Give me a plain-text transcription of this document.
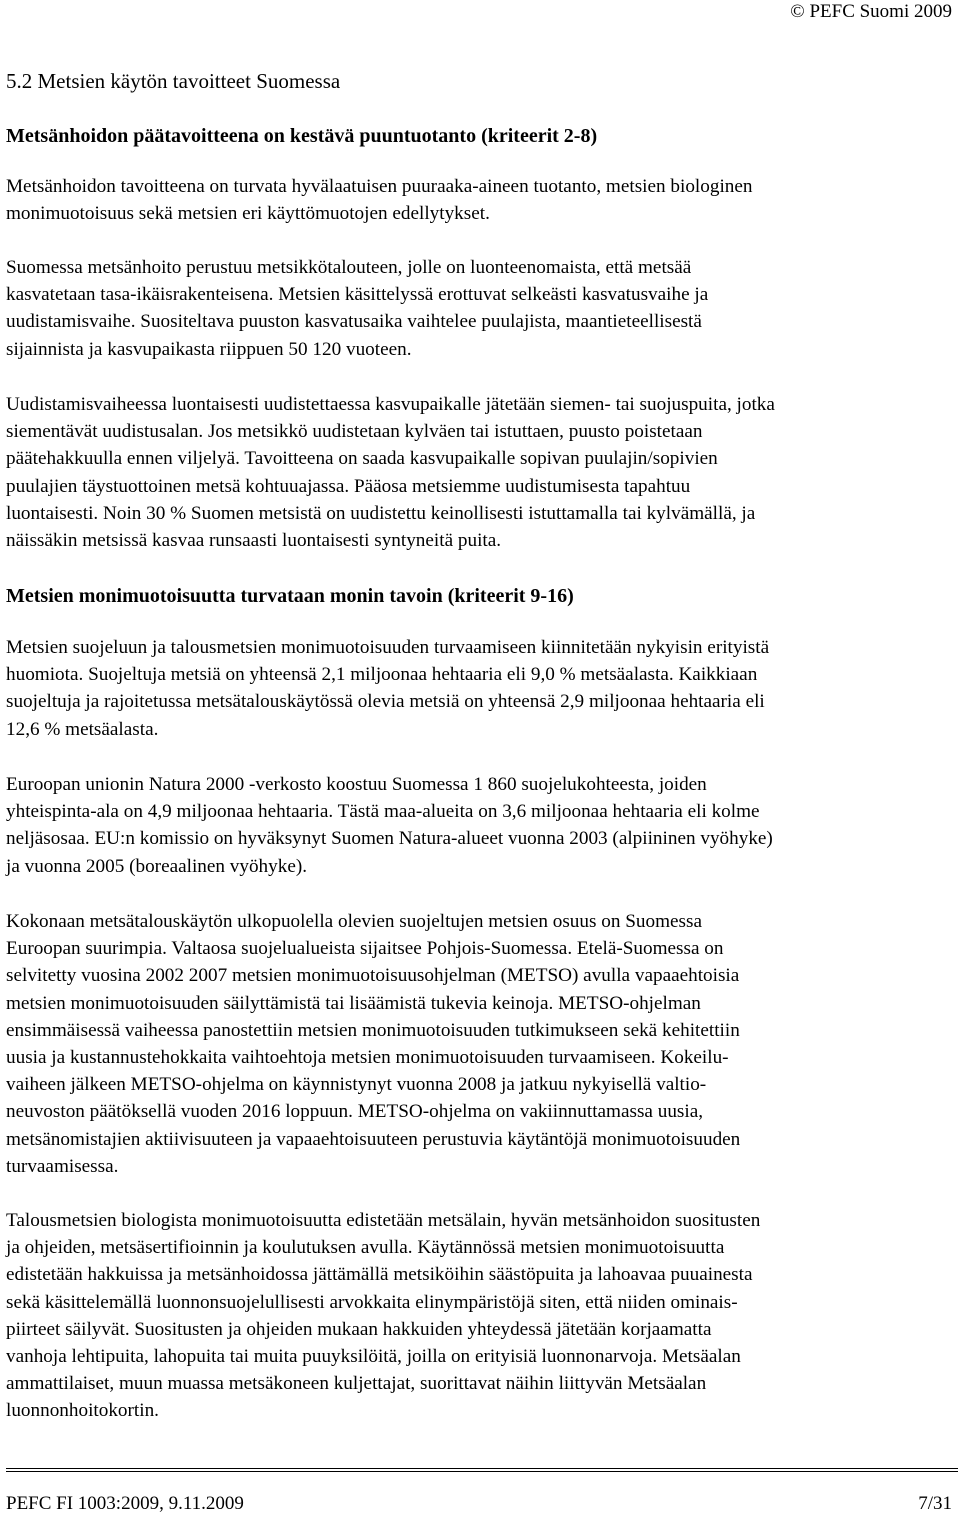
© PEFC Suomi 2009
5.2 Metsien käytön tavoitteet Suomessa
Metsänhoidon päätavoitteena on kestävä puuntuotanto (kriteerit 2-8)
Metsänhoidon tavoitteena on turvata hyvälaatuisen puuraaka-aineen tuotanto, metsien biologinen
monimuotoisuus sekä metsien eri käyttömuotojen edellytykset.
Suomessa metsänhoito perustuu metsikkötalouteen, jolle on luonteenomaista, että metsää
kasvatetaan tasa-ikäisrakenteisena. Metsien käsittelyssä erottuvat selkeästi kasvatusvaihe ja
uudistamisvaihe. Suositeltava puuston kasvatusaika vaihtelee puulajista, maantieteellisestä
sijainnista ja kasvupaikasta riippuen 50 120 vuoteen.
Uudistamisvaiheessa luontaisesti uudistettaessa kasvupaikalle jätetään siemen- tai suojuspuita, jotka
siementävät uudistusalan. Jos metsikkö uudistetaan kylväen tai istuttaen, puusto poistetaan
päätehakkuulla ennen viljelyä. Tavoitteena on saada kasvupaikalle sopivan puulajin/sopivien
puulajien täystuottoinen metsä kohtuuajassa. Pääosa metsiemme uudistumisesta tapahtuu
luontaisesti. Noin 30 % Suomen metsistä on uudistettu keinollisesti istuttamalla tai kylvämällä, ja
näissäkin metsissä kasvaa runsaasti luontaisesti syntyneitä puita.
Metsien monimuotoisuutta turvataan monin tavoin (kriteerit 9-16)
Metsien suojeluun ja talousmetsien monimuotoisuuden turvaamiseen kiinnitetään nykyisin erityistä
huomiota. Suojeltuja metsiä on yhteensä 2,1 miljoonaa hehtaaria eli 9,0 % metsäalasta. Kaikkiaan
suojeltuja ja rajoitetussa metsätalouskäytössä olevia metsiä on yhteensä 2,9 miljoonaa hehtaaria eli
12,6 % metsäalasta.
Euroopan unionin Natura 2000 -verkosto koostuu Suomessa 1 860 suojelukohteesta, joiden
yhteispinta-ala on 4,9 miljoonaa hehtaaria. Tästä maa-alueita on 3,6 miljoonaa hehtaaria eli kolme
neljäsosaa. EU:n komissio on hyväksynyt Suomen Natura-alueet vuonna 2003 (alpiininen vyöhyke)
ja vuonna 2005 (boreaalinen vyöhyke).
Kokonaan metsätalouskäytön ulkopuolella olevien suojeltujen metsien osuus on Suomessa
Euroopan suurimpia. Valtaosa suojelualueista sijaitsee Pohjois-Suomessa. Etelä-Suomessa on
selvitetty vuosina 2002 2007 metsien monimuotoisuusohjelman (METSO) avulla vapaaehtoisia
metsien monimuotoisuuden säilyttämistä tai lisäämistä tukevia keinoja. METSO-ohjelman
ensimmäisessä vaiheessa panostettiin metsien monimuotoisuuden tutkimukseen sekä kehitettiin
uusia ja kustannustehokkaita vaihtoehtoja metsien monimuotoisuuden turvaamiseen. Kokeilu-
vaiheen jälkeen METSO-ohjelma on käynnistynyt vuonna 2008 ja jatkuu nykyisellä valtio-
neuvoston päätöksellä vuoden 2016 loppuun. METSO-ohjelma on vakiinnuttamassa uusia,
metsänomistajien aktiivisuuteen ja vapaaehtoisuuteen perustuvia käytäntöjä monimuotoisuuden
turvaamisessa.
Talousmetsien biologista monimuotoisuutta edistetään metsälain, hyvän metsänhoidon suositusten
ja ohjeiden, metsäsertifioinnin ja koulutuksen avulla. Käytännössä metsien monimuotoisuutta
edistetään hakkuissa ja metsänhoidossa jättämällä metsiköihin säästöpuita ja lahoavaa puuainesta
sekä käsittelemällä luonnonsuojelullisesti arvokkaita elinympäristöjä siten, että niiden ominais-
piirteet säilyvät. Suositusten ja ohjeiden mukaan hakkuiden yhteydessä jätetään korjaamatta
vanhoja lehtipuita, lahopuita tai muita puuyksilöitä, joilla on erityisiä luonnonarvoja. Metsäalan
ammattilaiset, muun muassa metsäkoneen kuljettajat, suorittavat näihin liittyvän Metsäalan
luonnonhoitokortin.
PEFC FI 1003:2009, 9.11.2009	7/31
